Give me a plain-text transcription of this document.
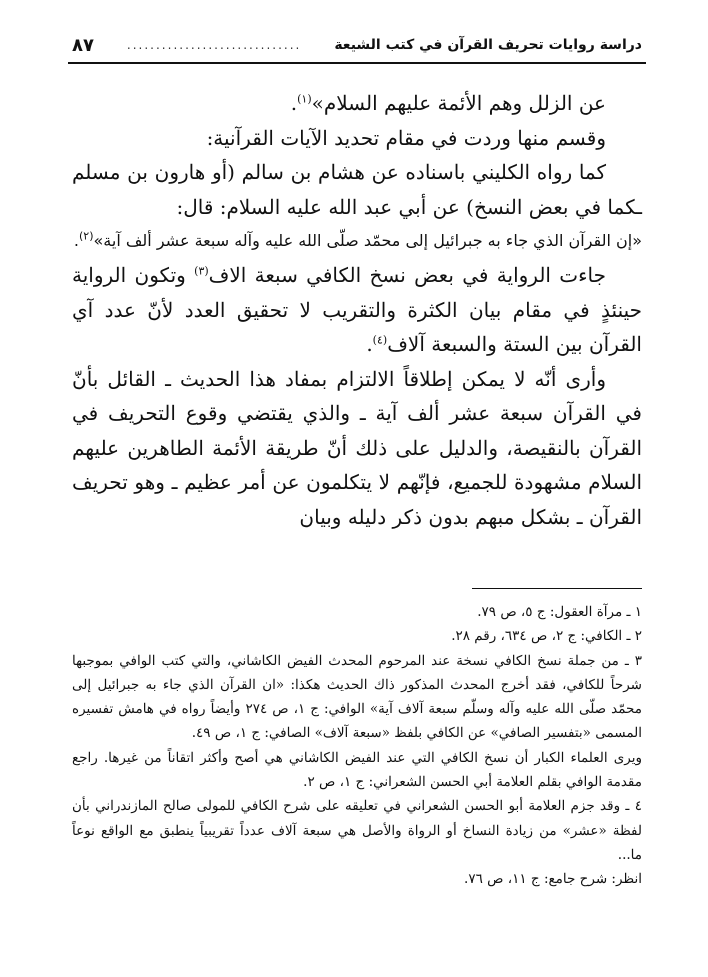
دراسة روايات تحريف القرآن في كتب الشيعة
..............................
٨٧

عن الزلل وهم الأئمة عليهم السلام»$^{(١)}$.

وقسم منها وردت في مقام تحديد الآيات القرآنية:

كما رواه الكليني باسناده عن هشام بن سالم (أو هارون بن مسلم ـكما في بعض النسخ) عن أبي عبد الله عليه السلام: قال:

«إن القرآن الذي جاء به جبرائيل إلى محمّد صلّى الله عليه وآله سبعة عشر ألف آية»$^{(٢)}$.

جاءت الرواية في بعض نسخ الكافي سبعة الاف$^{(٣)}$ وتكون الرواية حينئذٍ في مقام بيان الكثرة والتقريب لا تحقيق العدد لأنّ عدد آي القرآن بين الستة والسبعة آلاف$^{(٤)}$.

وأرى أنّه لا يمكن إطلاقاً الالتزام بمفاد هذا الحديث ـ القائل بأنّ في القرآن سبعة عشر ألف آية ـ والذي يقتضي وقوع التحريف في القرآن بالنقيصة، والدليل على ذلك أنّ طريقة الأئمة الطاهرين عليهم السلام مشهودة للجميع، فإنّهم لا يتكلمون عن أمر عظيم ـ وهو تحريف القرآن ـ بشكل مبهم بدون ذكر دليله وبيان

١ ـ مرآة العقول: ج ٥، ص ٧٩.

٢ ـ الكافي: ج ٢، ص ٦٣٤، رقم ٢٨.

٣ ـ من جملة نسخ الكافي نسخة عند المرحوم المحدث الفيض الكاشاني، والتي كتب الوافي بموجبها شرحاً للكافي، فقد أخرج المحدث المذكور ذاك الحديث هكذا: «ان القرآن الذي جاء به جبرائيل إلى محمّد صلّى الله عليه وآله وسلّم سبعة آلاف آية» الوافي: ج ١، ص ٢٧٤ وأيضاً رواه في هامش تفسيره المسمى «بتفسير الصافي» عن الكافي بلفظ «سبعة آلاف» الصافي: ج ١، ص ٤٩.

ويرى العلماء الكبار أن نسخ الكافي التي عند الفيض الكاشاني هي أصح وأكثر اتقاناً من غيرها. راجع مقدمة الوافي بقلم العلامة أبي الحسن الشعراني: ج ١، ص ٢.

٤ ـ وقد جزم العلامة أبو الحسن الشعراني في تعليقه على شرح الكافي للمولى صالح المازندراني بأن لفظة «عشر» من زيادة النساخ أو الرواة والأصل هي سبعة آلاف عدداً تقريبياً ينطبق مع الواقع نوعاً ما...

انظر: شرح جامع: ج ١١، ص ٧٦.
